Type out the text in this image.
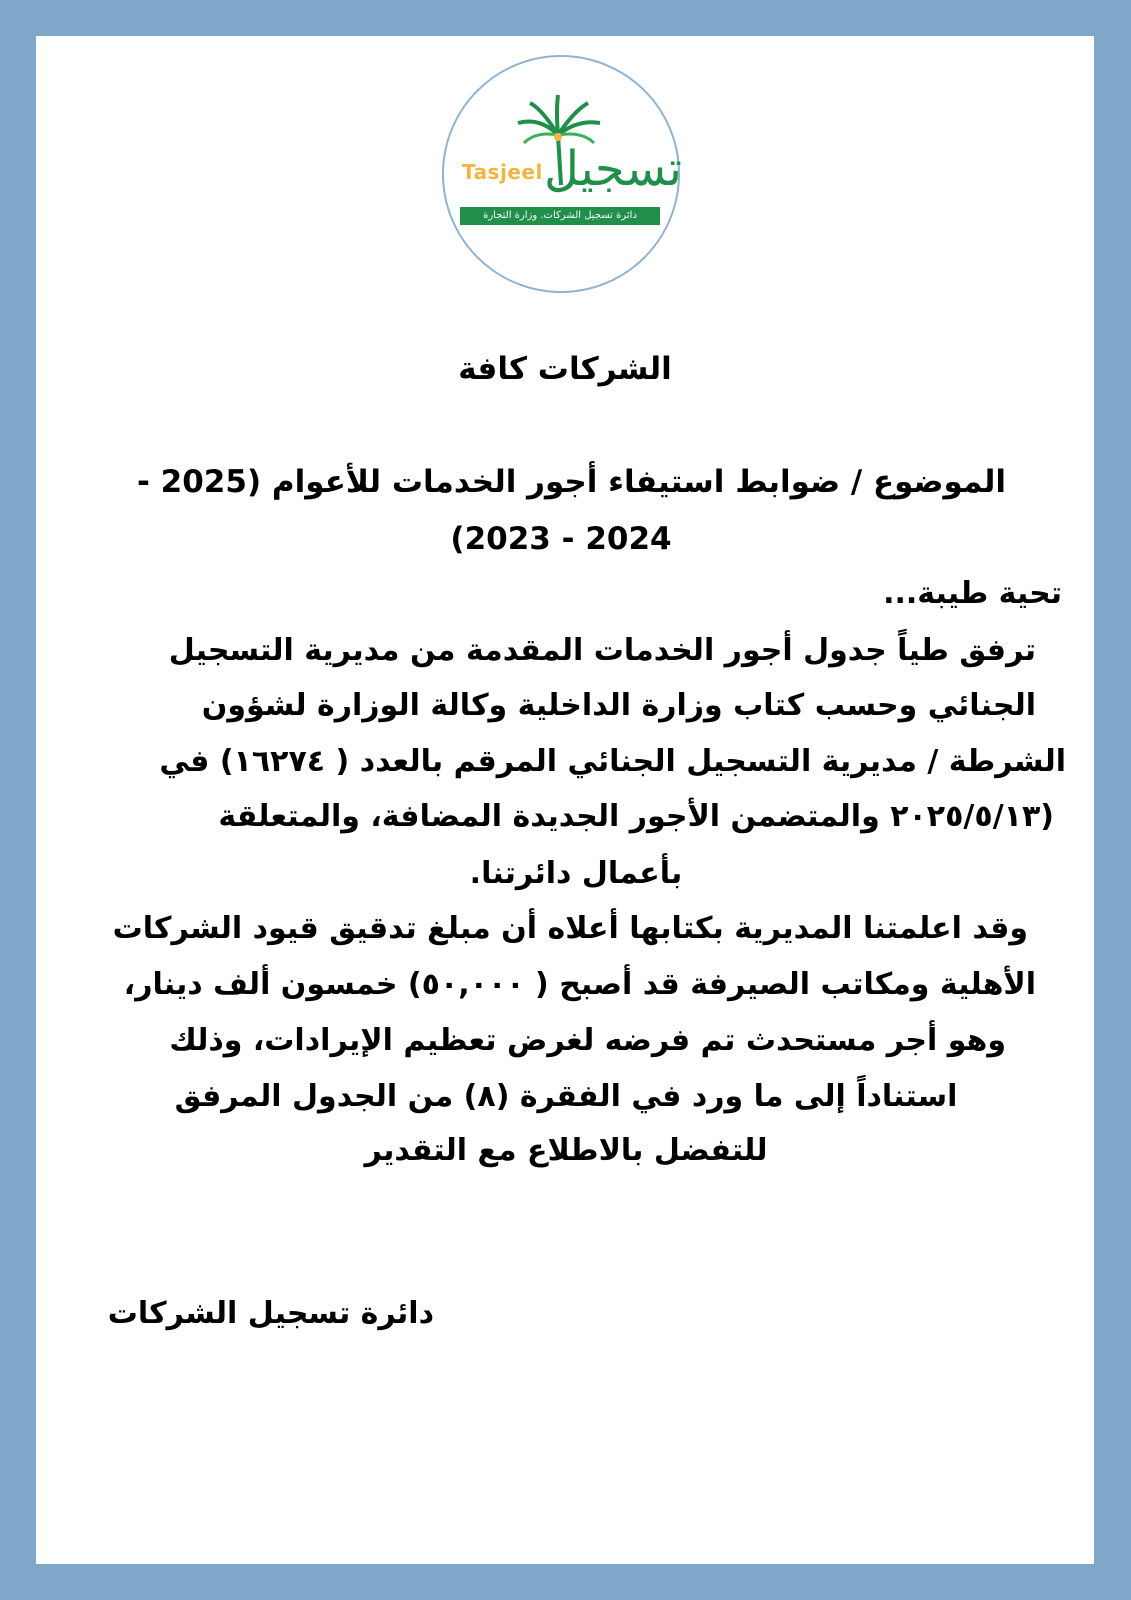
Tasjeel تسجيل
دائرة تسجيل الشركات. وزارة التجارة
الشركات كافة
الموضوع / ضوابط استيفاء أجور الخدمات للأعوام (2025 -
2024 - 2023)
تحية طيبة...
ترفق طياً جدول أجور الخدمات المقدمة من مديرية التسجيل
الجنائي وحسب كتاب وزارة الداخلية وكالة الوزارة لشؤون
الشرطة / مديرية التسجيل الجنائي المرقم بالعدد ( ١٦٢٧٤) في
(٢٠٢٥/٥/١٣ والمتضمن الأجور الجديدة المضافة، والمتعلقة
بأعمال دائرتنا.
وقد اعلمتنا المديرية بكتابها أعلاه أن مبلغ تدقيق قيود الشركات
الأهلية ومكاتب الصيرفة قد أصبح ( ٥٠,٠٠٠) خمسون ألف دينار،
وهو أجر مستحدث تم فرضه لغرض تعظيم الإيرادات، وذلك
استناداً إلى ما ورد في الفقرة (٨) من الجدول المرفق
للتفضل بالاطلاع مع التقدير
دائرة تسجيل الشركات
